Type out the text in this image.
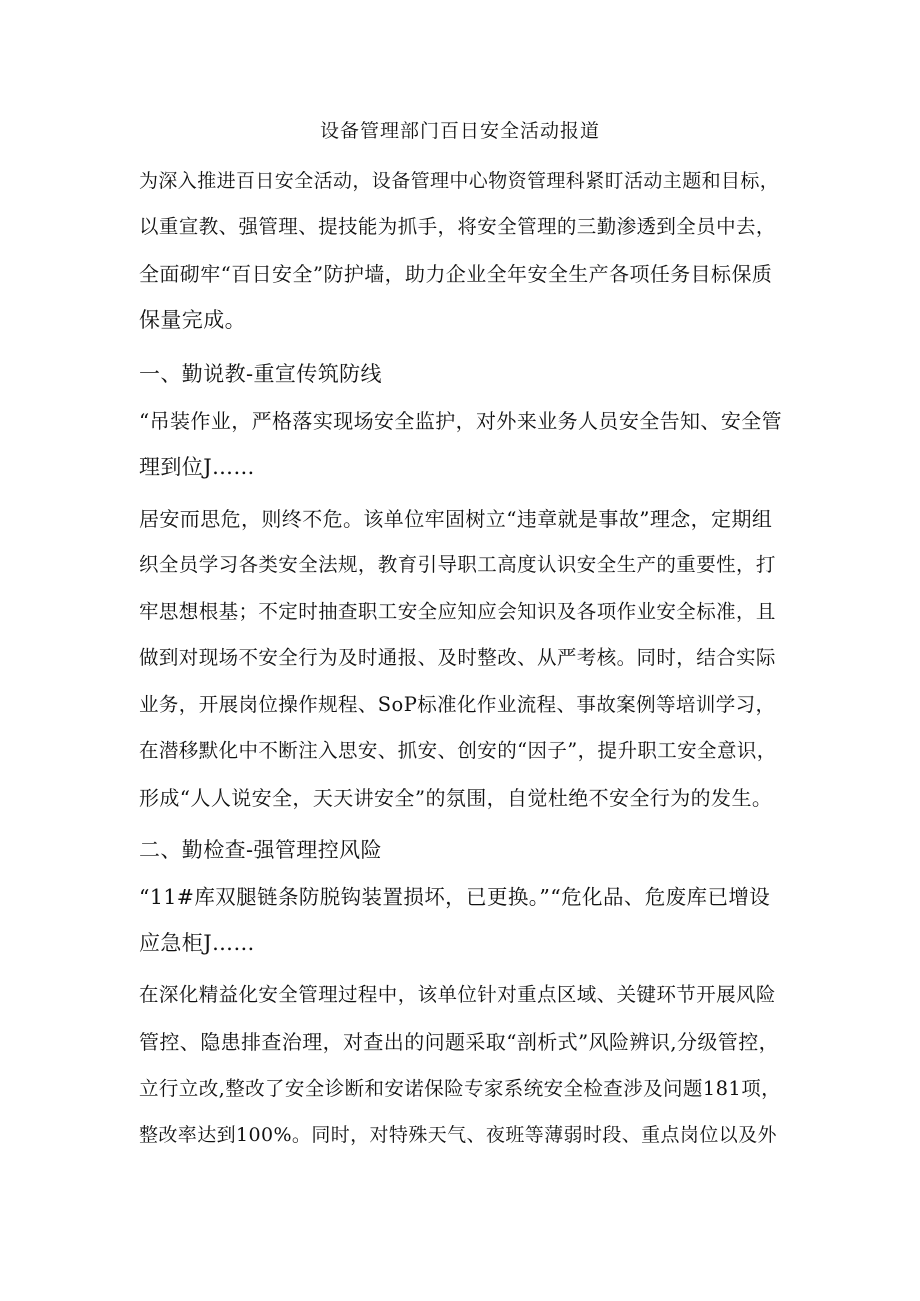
设备管理部门百日安全活动报道
为深入推进百日安全活动，设备管理中心物资管理科紧盯活动主题和目标，
以重宣教、强管理、提技能为抓手，将安全管理的三勤渗透到全员中去，
全面砌牢“百日安全”防护墙，助力企业全年安全生产各项任务目标保质
保量完成。
一、勤说教-重宣传筑防线
“吊装作业，严格落实现场安全监护，对外来业务人员安全告知、安全管
理到位J……
居安而思危，则终不危。该单位牢固树立“违章就是事故”理念，定期组
织全员学习各类安全法规，教育引导职工高度认识安全生产的重要性，打
牢思想根基；不定时抽查职工安全应知应会知识及各项作业安全标准，且
做到对现场不安全行为及时通报、及时整改、从严考核。同时，结合实际
业务，开展岗位操作规程、SoP标准化作业流程、事故案例等培训学习，
在潜移默化中不断注入思安、抓安、创安的“因子”，提升职工安全意识，
形成“人人说安全，天天讲安全”的氛围，自觉杜绝不安全行为的发生。
二、勤检查-强管理控风险
“11#库双腿链条防脱钩装置损坏，已更换。”“危化品、危废库已增设
应急柜J……
在深化精益化安全管理过程中，该单位针对重点区域、关键环节开展风险
管控、隐患排查治理，对查出的问题采取“剖析式”风险辨识,分级管控，
立行立改,整改了安全诊断和安诺保险专家系统安全检查涉及问题181项，
整改率达到100%。同时，对特殊天气、夜班等薄弱时段、重点岗位以及外
